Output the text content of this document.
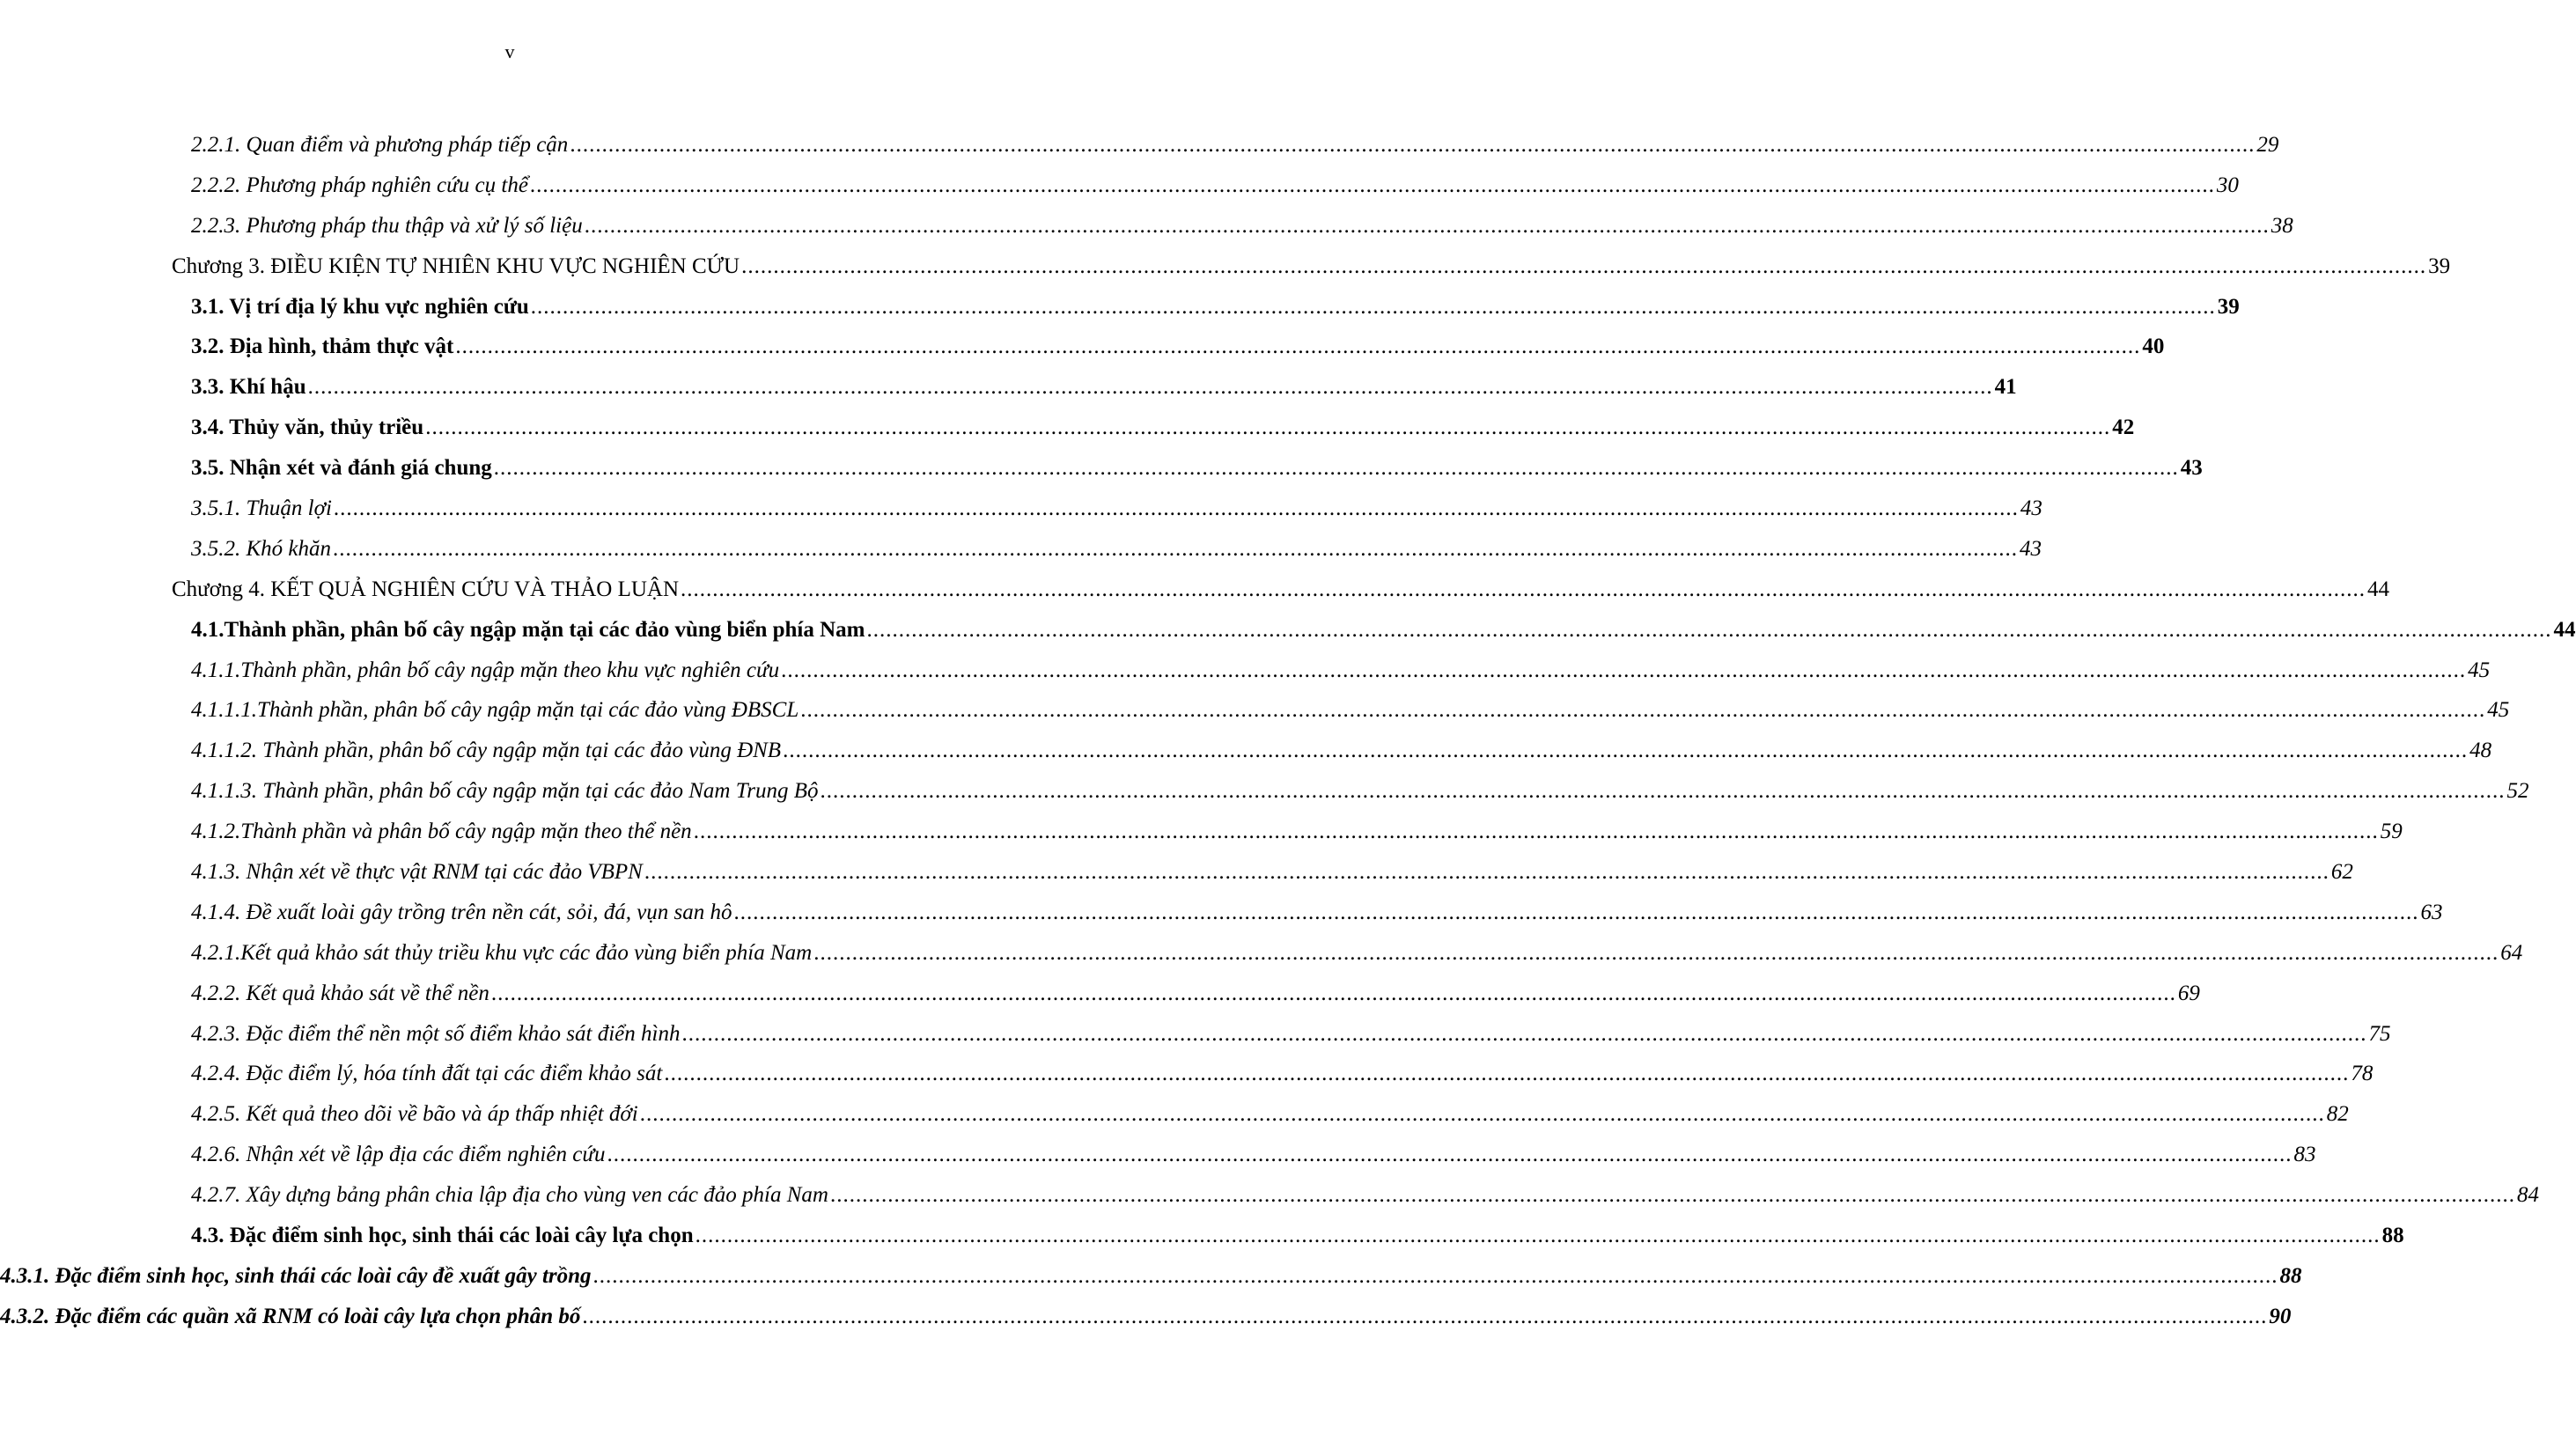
v
2.2.1. Quan điểm và phương pháp tiếp cận .....	29
2.2.2. Phương pháp nghiên cứu cụ thể .....	30
2.2.3. Phương pháp thu thập và xử lý số liệu .....	38
Chương 3. ĐIỀU KIỆN TỰ NHIÊN KHU VỰC NGHIÊN CỨU .....	39
3.1. Vị trí địa lý khu vực nghiên cứu .....	39
3.2. Địa hình, thảm thực vật .....	40
3.3. Khí hậu .....	41
3.4. Thủy văn, thủy triều .....	42
3.5. Nhận xét và đánh giá chung .....	43
3.5.1. Thuận lợi .....	43
3.5.2. Khó khăn .....	43
Chương 4. KẾT QUẢ NGHIÊN CỨU VÀ THẢO LUẬN .....	44
4.1.Thành phần, phân bố cây ngập mặn tại các đảo vùng biển phía Nam .....	44
4.1.1.Thành phần, phân bố cây ngập mặn theo khu vực nghiên cứu .....	45
4.1.1.1.Thành phần, phân bố cây ngập mặn tại các đảo vùng ĐBSCL .....	45
4.1.1.2. Thành phần, phân bố cây ngập mặn tại các đảo vùng ĐNB .....	48
4.1.1.3. Thành phần, phân bố cây ngập mặn tại các đảo Nam Trung Bộ .....	52
4.1.2.Thành phần và phân bố cây ngập mặn theo thể nền .....	59
4.1.3. Nhận xét về thực vật RNM tại các đảo VBPN .....	62
4.1.4. Đề xuất loài gây trồng trên nền cát, sỏi, đá, vụn san hô .....	63
4.2.1.Kết quả khảo sát thủy triều khu vực các đảo vùng biển phía Nam .....	64
4.2.2. Kết quả khảo sát về thể nền .....	69
4.2.3. Đặc điểm thể nền một số điểm khảo sát điển hình .....	75
4.2.4. Đặc điểm lý, hóa tính đất tại các điểm khảo sát .....	78
4.2.5. Kết quả theo dõi về bão và áp thấp nhiệt đới .....	82
4.2.6. Nhận xét về lập địa các điểm nghiên cứu .....	83
4.2.7. Xây dựng bảng phân chia lập địa cho vùng ven các đảo phía Nam .....	84
4.3. Đặc điểm sinh học, sinh thái các loài cây lựa chọn .....	88
4.3.1. Đặc điểm sinh học, sinh thái các loài cây đề xuất gây trồng .....	88
4.3.2. Đặc điểm các quần xã RNM có loài cây lựa chọn phân bố .....	90
